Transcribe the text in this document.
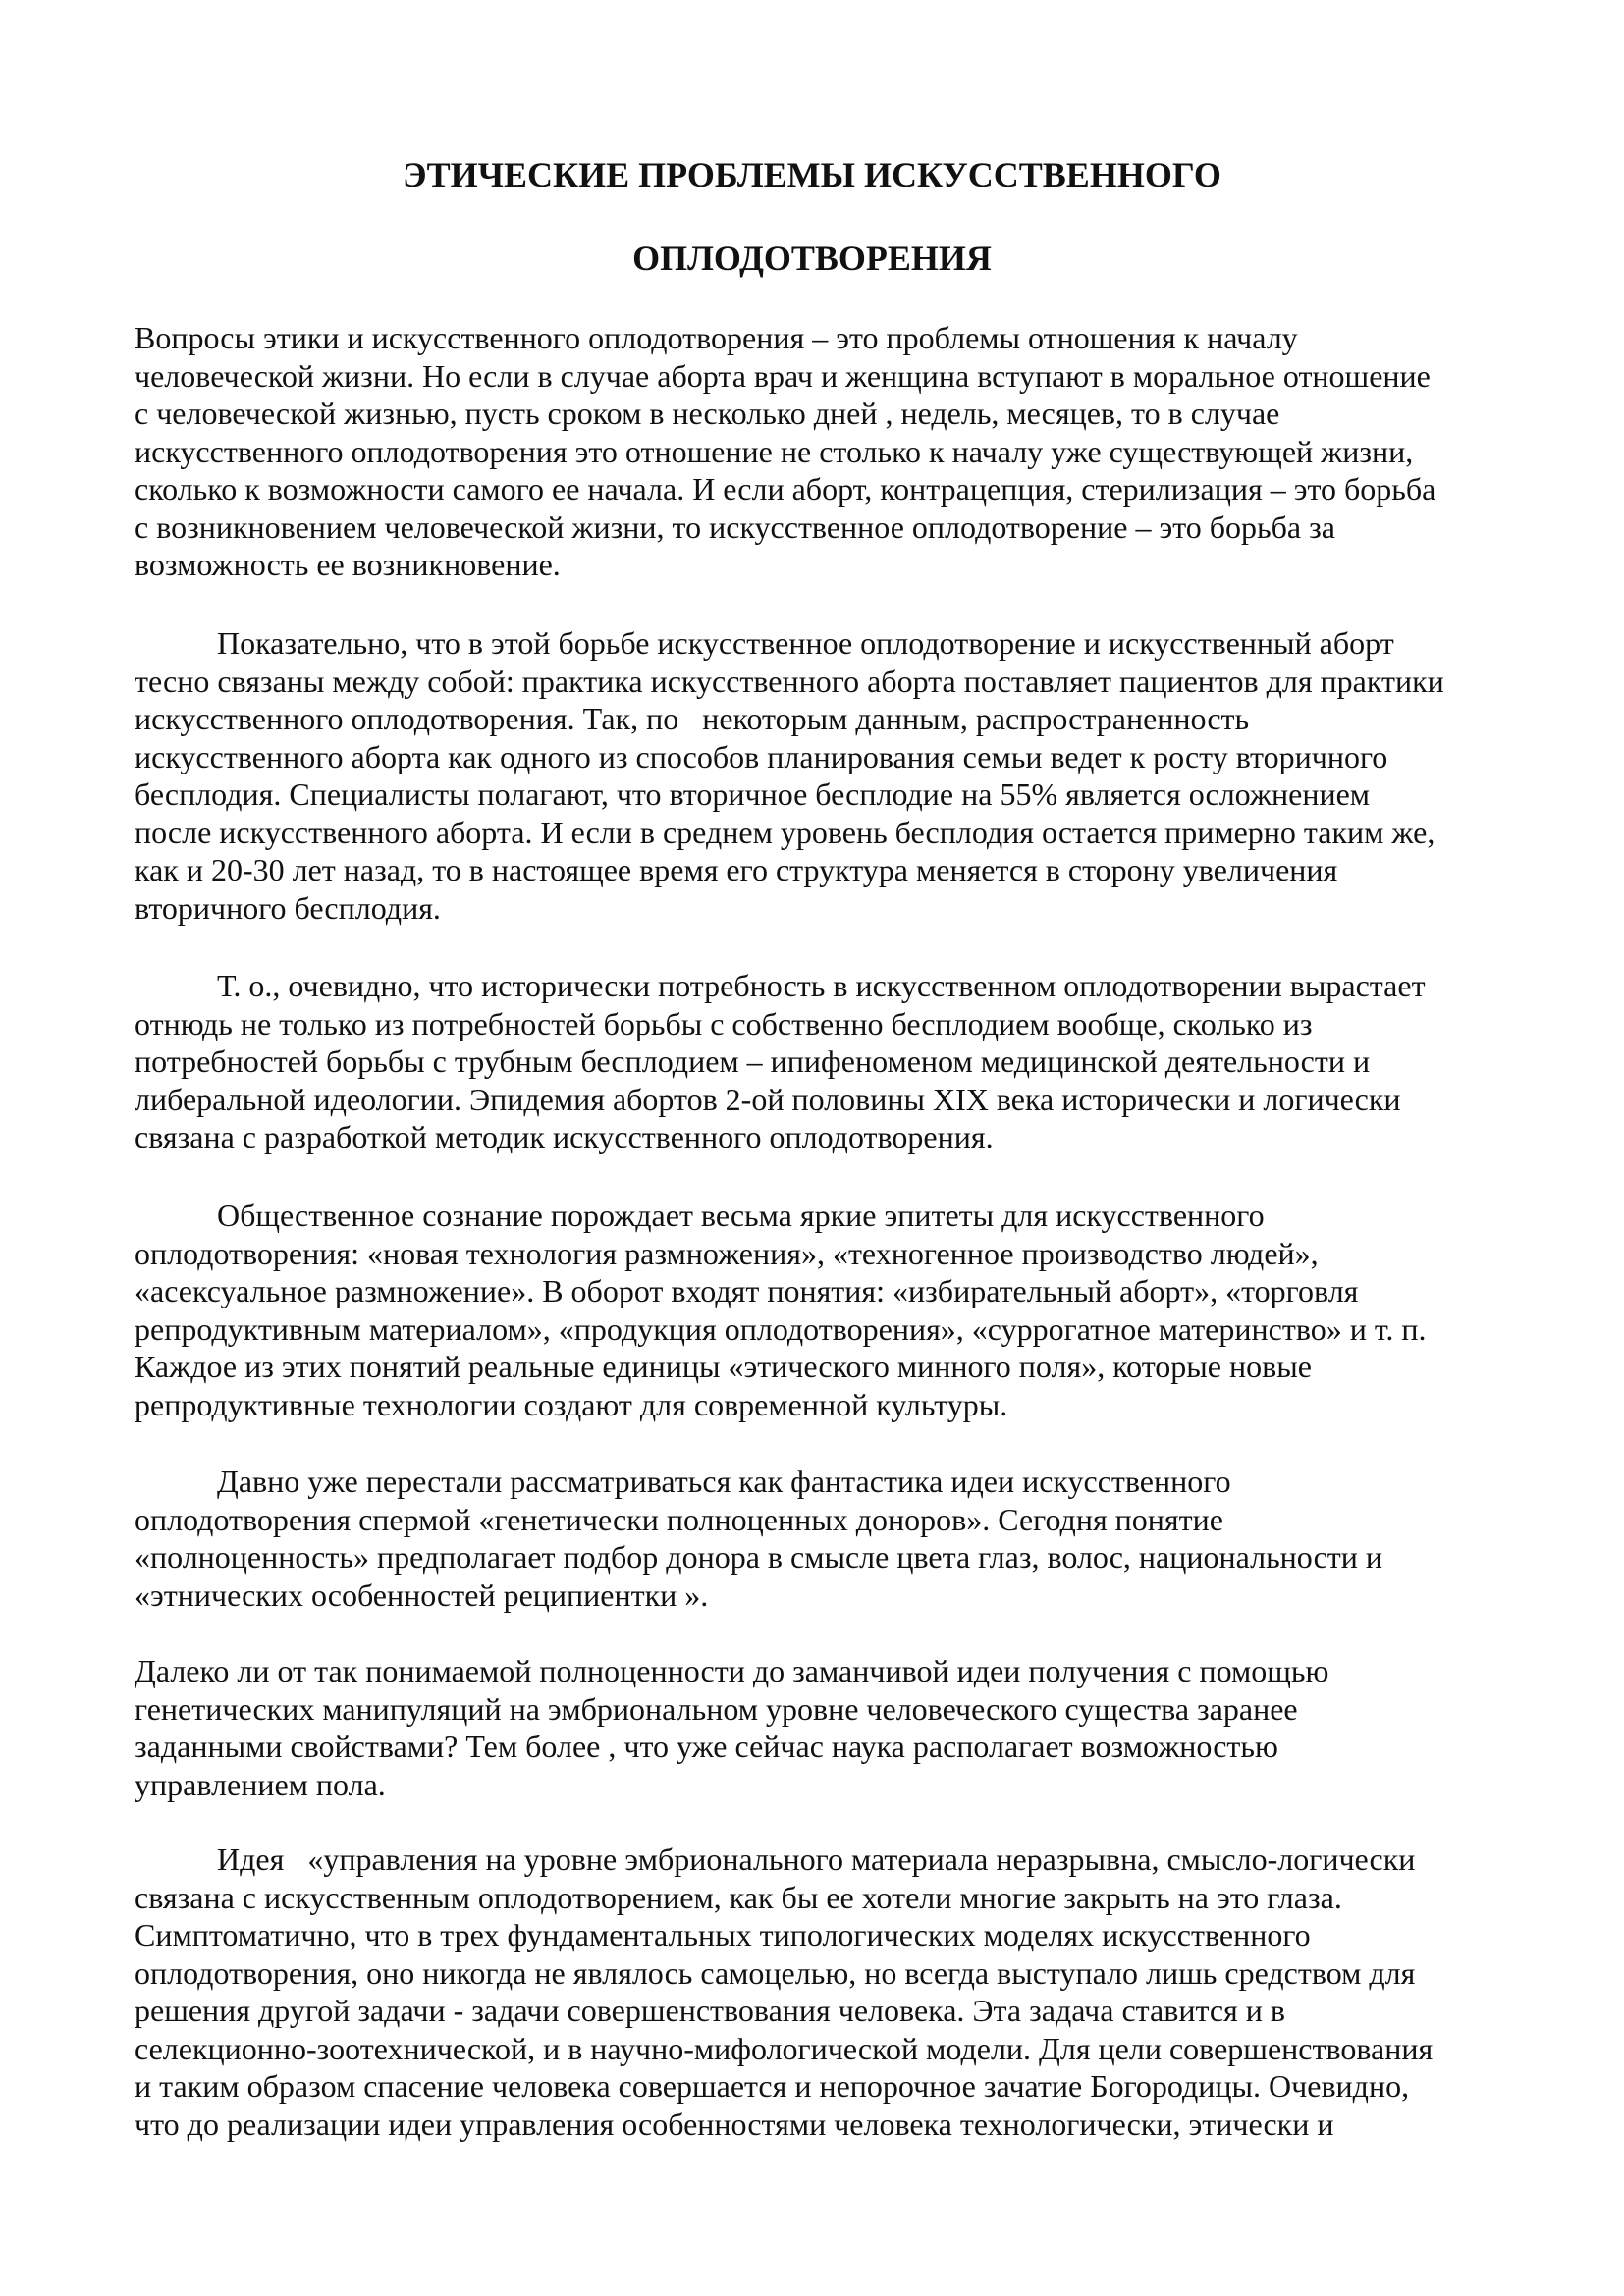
ЭТИЧЕСКИЕ ПРОБЛЕМЫ ИСКУССТВЕННОГО
ОПЛОДОТВОРЕНИЯ
Вопросы этики и искусственного оплодотворения – это проблемы отношения к началу
человеческой жизни. Но если в случае аборта врач и женщина вступают в моральное отношение
с человеческой жизнью, пусть сроком в несколько дней , недель, месяцев, то в случае
искусственного оплодотворения это отношение не столько к началу уже существующей жизни,
сколько к возможности самого ее начала. И если аборт, контрацепция, стерилизация – это борьба
с возникновением человеческой жизни, то искусственное оплодотворение – это борьба за
возможность ее возникновение.
Показательно, что в этой борьбе искусственное оплодотворение и искусственный аборт
тесно связаны между собой: практика искусственного аборта поставляет пациентов для практики
искусственного оплодотворения. Так, по   некоторым данным, распространенность
искусственного аборта как одного из способов планирования семьи ведет к росту вторичного
бесплодия. Специалисты полагают, что вторичное бесплодие на 55% является осложнением
после искусственного аборта. И если в среднем уровень бесплодия остается примерно таким же,
как и 20-30 лет назад, то в настоящее время его структура меняется в сторону увеличения
вторичного бесплодия.
Т. о., очевидно, что исторически потребность в искусственном оплодотворении вырастает
отнюдь не только из потребностей борьбы с собственно бесплодием вообще, сколько из
потребностей борьбы с трубным бесплодием – ипифеноменом медицинской деятельности и
либеральной идеологии. Эпидемия абортов 2-ой половины XIX века исторически и логически
связана с разработкой методик искусственного оплодотворения.
Общественное сознание порождает весьма яркие эпитеты для искусственного
оплодотворения: «новая технология размножения», «техногенное производство людей»,
«асексуальное размножение». В оборот входят понятия: «избирательный аборт», «торговля
репродуктивным материалом», «продукция оплодотворения», «суррогатное материнство» и т. п.
Каждое из этих понятий реальные единицы «этического минного поля», которые новые
репродуктивные технологии создают для современной культуры.
Давно уже перестали рассматриваться как фантастика идеи искусственного
оплодотворения спермой «генетически полноценных доноров». Сегодня понятие
«полноценность» предполагает подбор донора в смысле цвета глаз, волос, национальности и
«этнических особенностей реципиентки ».
Далеко ли от так понимаемой полноценности до заманчивой идеи получения с помощью
генетических манипуляций на эмбриональном уровне человеческого существа заранее
заданными свойствами? Тем более , что уже сейчас наука располагает возможностью
управлением пола.
Идея   «управления на уровне эмбрионального материала неразрывна, смысло-логически
связана с искусственным оплодотворением, как бы ее хотели многие закрыть на это глаза.
Симптоматично, что в трех фундаментальных типологических моделях искусственного
оплодотворения, оно никогда не являлось самоцелью, но всегда выступало лишь средством для
решения другой задачи - задачи совершенствования человека. Эта задача ставится и в
селекционно-зоотехнической, и в научно-мифологической модели. Для цели совершенствования
и таким образом спасение человека совершается и непорочное зачатие Богородицы. Очевидно,
что до реализации идеи управления особенностями человека технологически, этически и
